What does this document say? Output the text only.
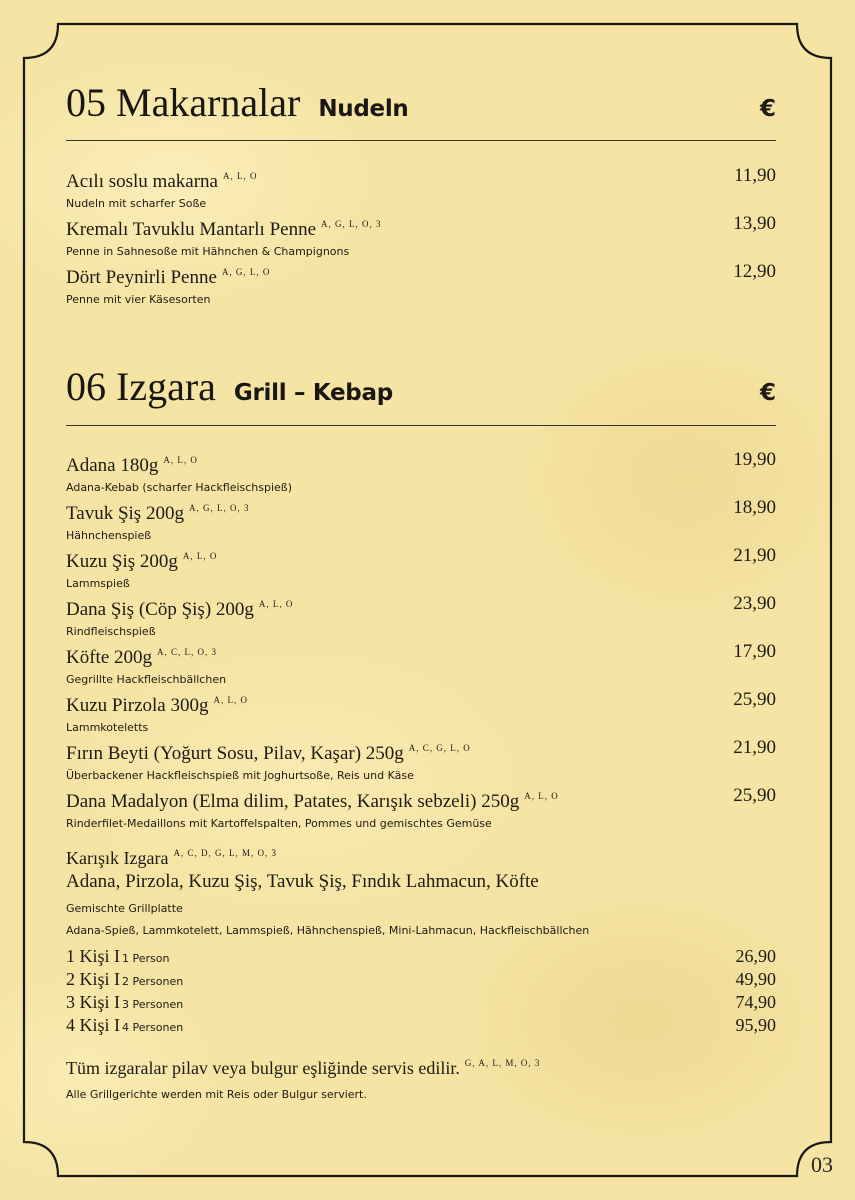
05 Makarnalar Nudeln	€
Acılı soslu makarna $^{A, L, O}$	11,90
Nudeln mit scharfer Soße
Kremalı Tavuklu Mantarlı Penne $^{A, G, L, O, 3}$	13,90
Penne in Sahnesoße mit Hähnchen & Champignons
Dört Peynirli Penne $^{A, G, L, O}$	12,90
Penne mit vier Käsesorten
06 Izgara Grill – Kebap	€
Adana 180g $^{A, L, O}$	19,90
Adana-Kebab (scharfer Hackfleischspieß)
Tavuk Şiş 200g $^{A, G, L, O, 3}$	18,90
Hähnchenspieß
Kuzu Şiş 200g $^{A, L, O}$	21,90
Lammspieß
Dana Şiş (Cöp Şiş) 200g $^{A, L, O}$	23,90
Rindfleischspieß
Köfte 200g $^{A, C, L, O, 3}$	17,90
Gegrillte Hackfleischbällchen
Kuzu Pirzola 300g $^{A, L, O}$	25,90
Lammkoteletts
Fırın Beyti (Yoğurt Sosu, Pilav, Kaşar) 250g $^{A, C, G, L, O}$	21,90
Überbackener Hackfleischspieß mit Joghurtsoße, Reis und Käse
Dana Madalyon (Elma dilim, Patates, Karışık sebzeli) 250g $^{A, L, O}$	25,90
Rinderfilet-Medaillons mit Kartoffelspalten, Pommes und gemischtes Gemüse
Karışık Izgara $^{A, C, D, G, L, M, O, 3}$
Adana, Pirzola, Kuzu Şiş, Tavuk Şiş, Fındık Lahmacun, Köfte
Gemischte Grillplatte
Adana-Spieß, Lammkotelett, Lammspieß, Hähnchenspieß, Mini-Lahmacun, Hackfleischbällchen
1 Kişi I 1 Person	26,90
2 Kişi I 2 Personen	49,90
3 Kişi I 3 Personen	74,90
4 Kişi I 4 Personen	95,90
Tüm izgaralar pilav veya bulgur eşliğinde servis edilir. $^{G, A, L, M, O, 3}$
Alle Grillgerichte werden mit Reis oder Bulgur serviert.
03
